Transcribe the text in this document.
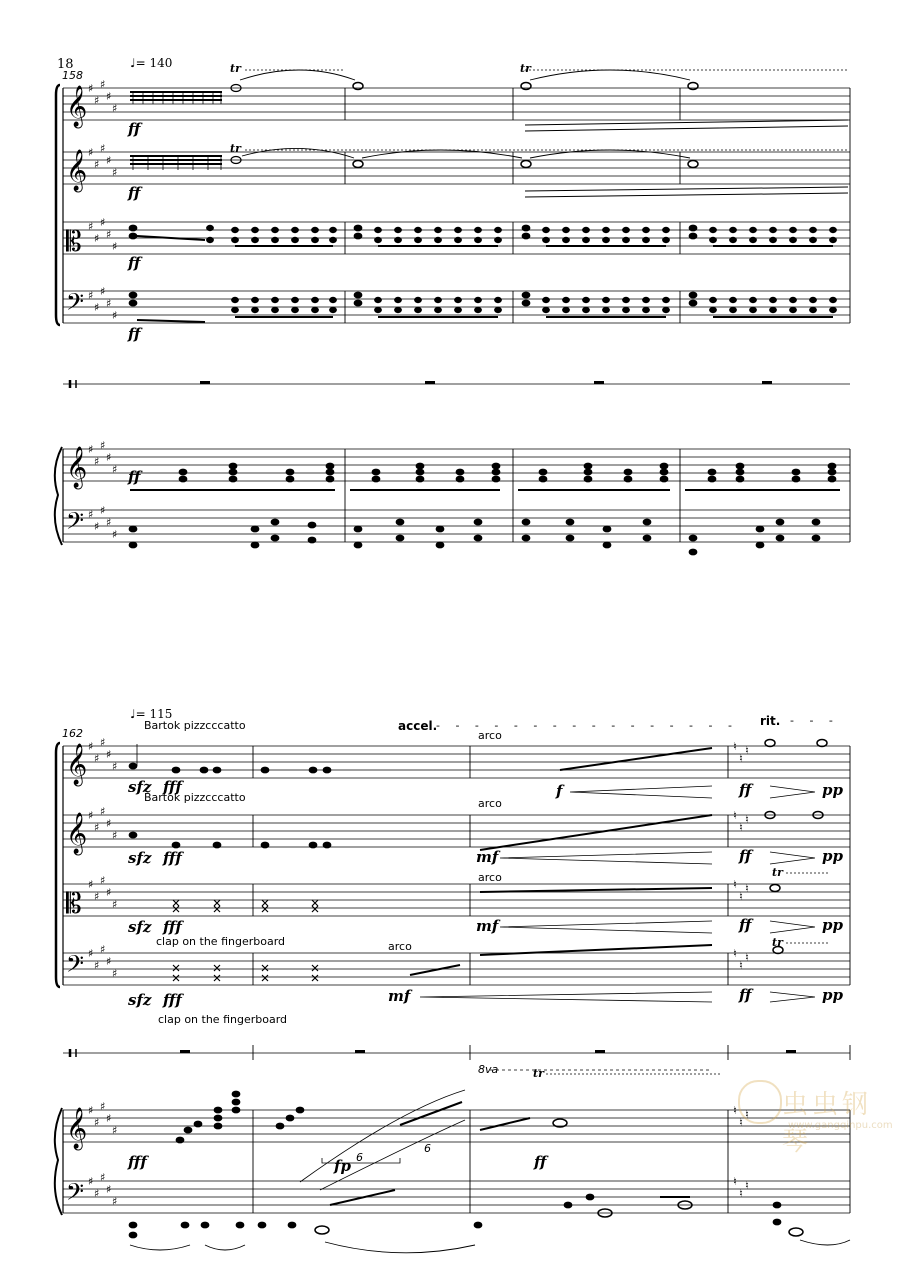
18
𝄞
𝄞
𝄡
𝄢
𝄞
𝄢
♯
♯
♯
♯
♯
♯
♯
♯
♯
♯
♯
♯
♯
♯
♯
♯
♯
♯
♯
♯
♯
♯
♯
♯
♯
♯
♯
♯
♯
♯
tr	tr
tr
𝄞
𝄞
𝄡
𝄢
𝄞
𝄢
♯
♯
♯
♯
♯
♯
♯
♯
♯
♯
♯
♯
♯
♯
♯
♯
♯
♯
♯
♯
♯
♯
♯
♯
♯
♯
♯
♯
♯
♯
♮
♮
♮
♮
♮
♮
♮
♮
♮
♮
♮
♮
♮
♮
♮
♮
♮
♮
tr
tr
tr
♩= 140
158
ff
ff
ff
ff
ff
♩= 115
162
accel.
- - - - - - - - - - - - - - - - rit. - - -
Bartok pizzcccatto
Bartok pizzcccatto
clap on the fingerboard
clap on the fingerboard
sfz fff
sfz fff
sfz fff
sfz fff
arco
arco
arco
arco
f
mf
mf
mf
ff	pp
ff	pp
ff	pp
ff	pp
8va
fff	fp 6
6
ff
虫虫钢琴
www.gangqinpu.com
